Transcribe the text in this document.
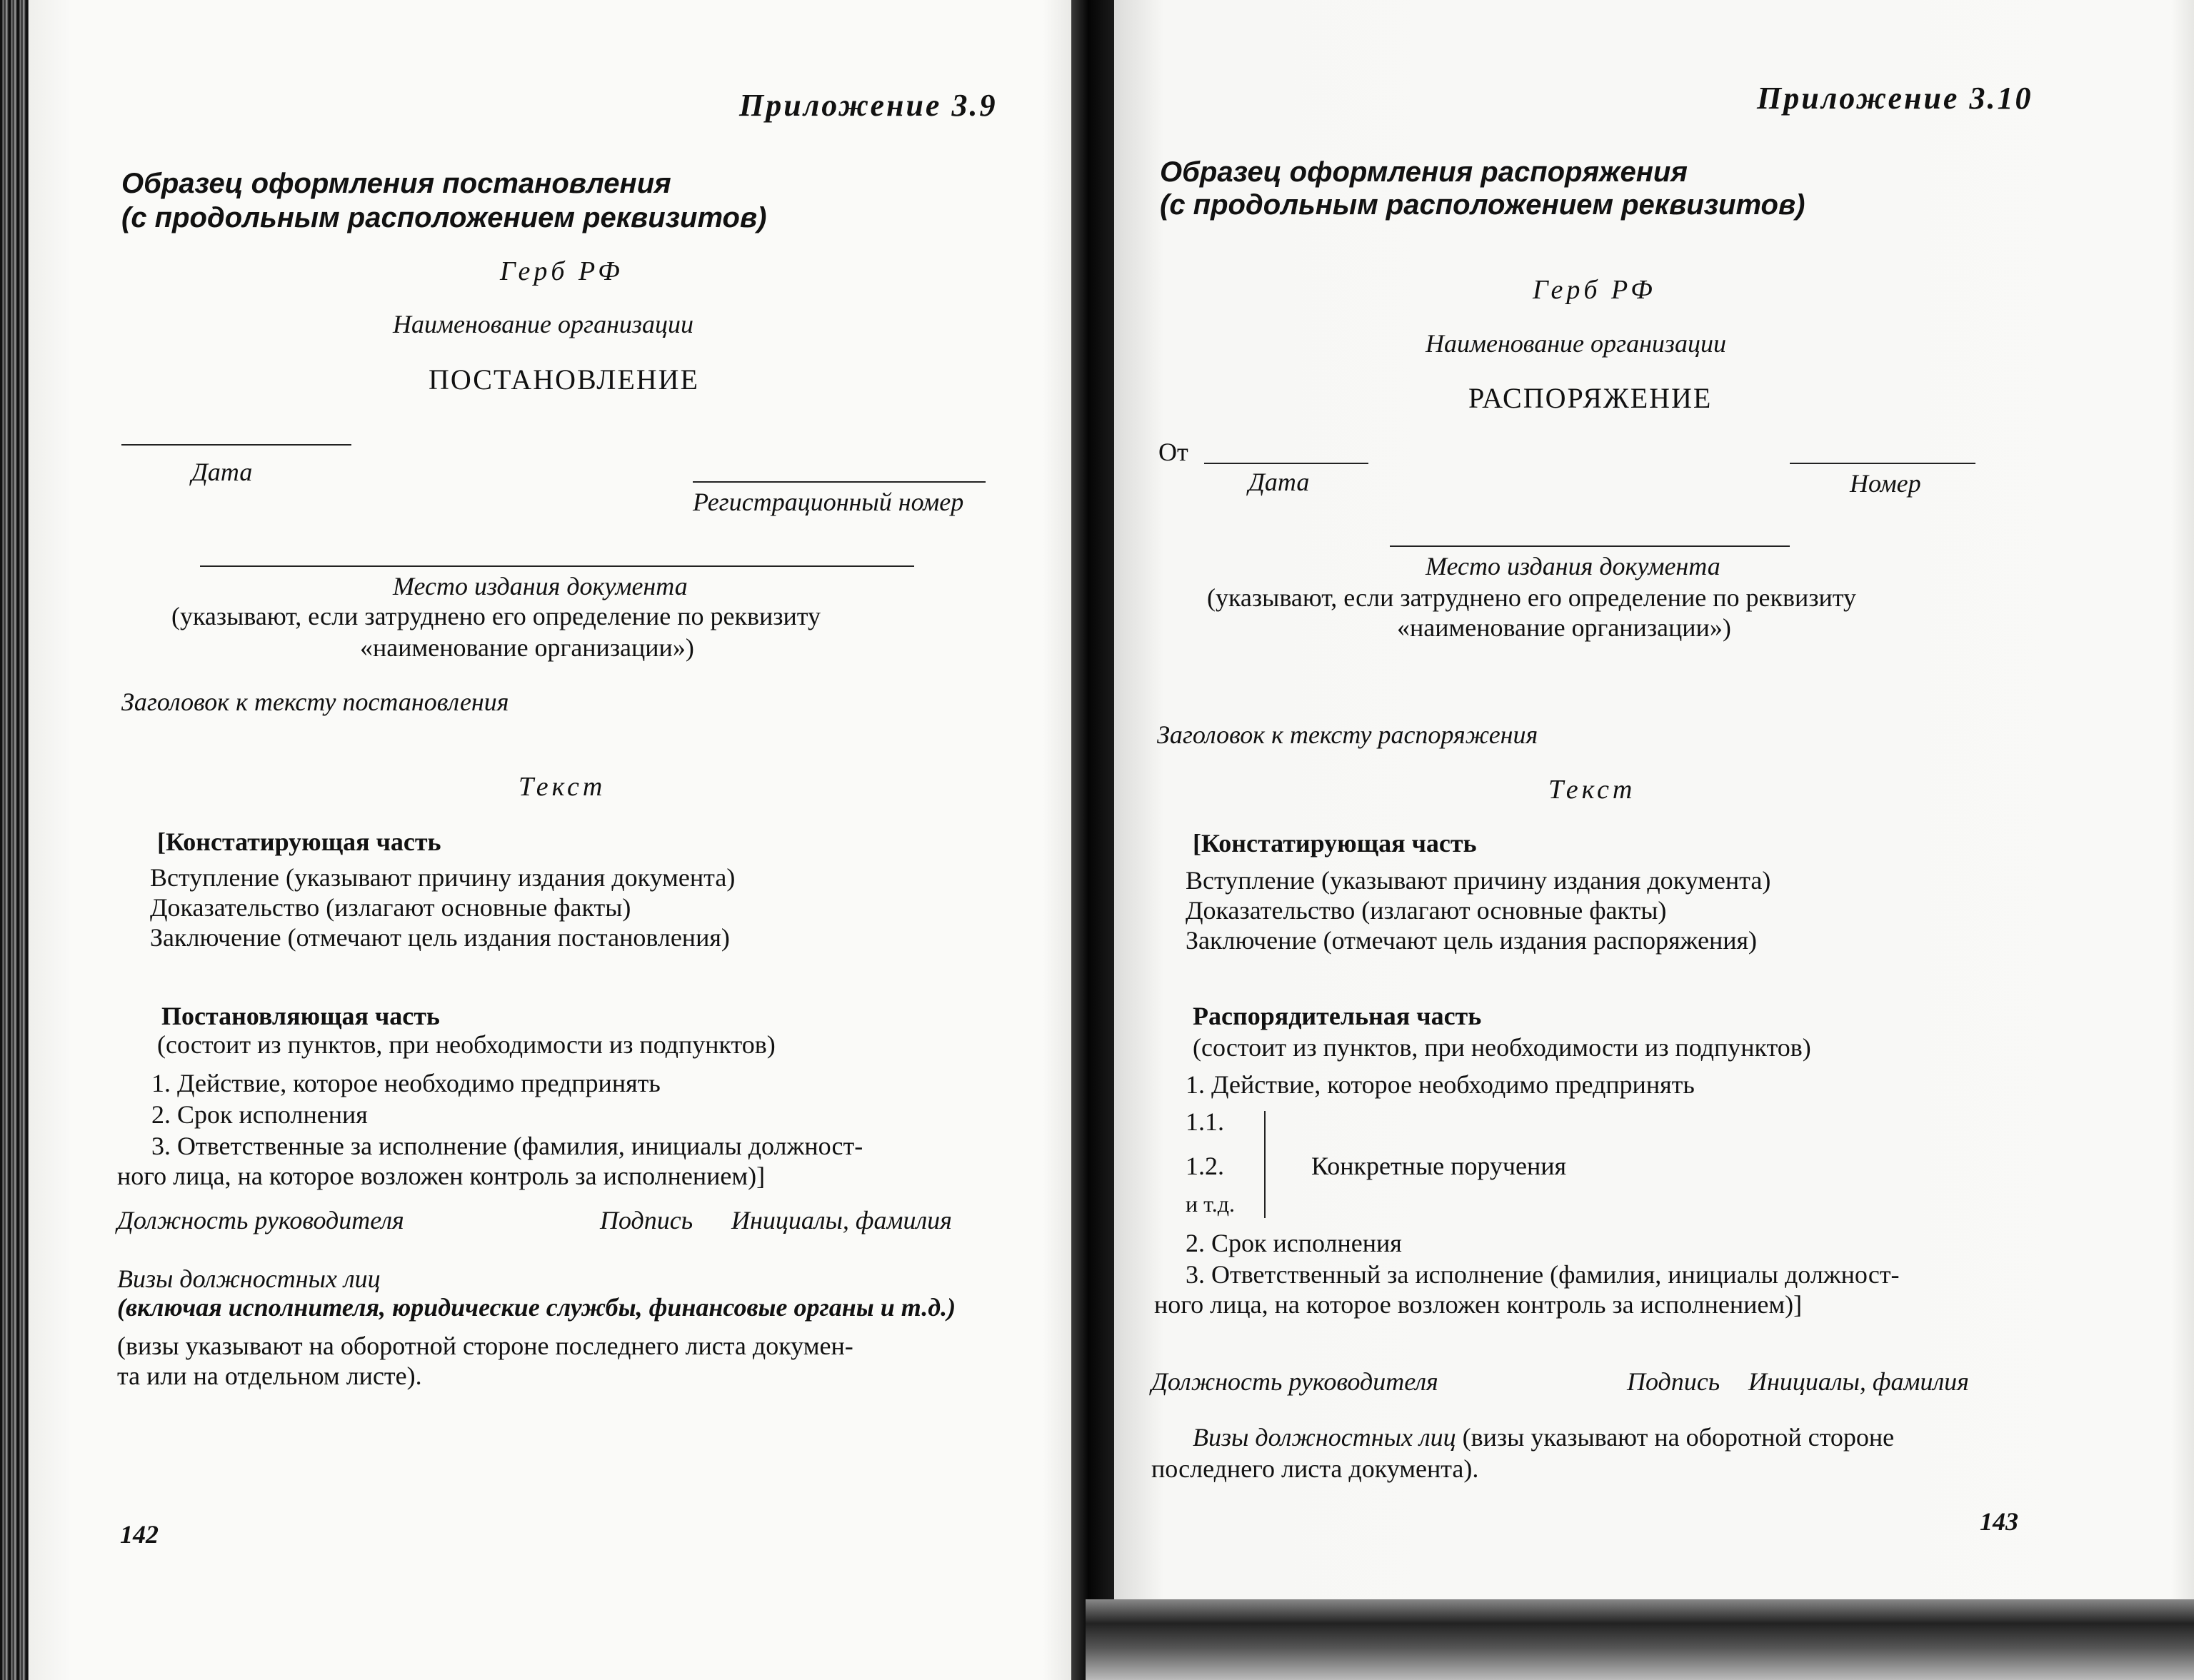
Приложение 3.9
Образец оформления постановления
(с продольным расположением реквизитов)
Герб РФ
Наименование организации
ПОСТАНОВЛЕНИЕ
Дата
Регистрационный номер
Место издания документа
(указывают, если затруднено его определение по реквизиту
«наименование организации»)
Заголовок к тексту постановления
Текст
[Констатирующая часть
Вступление (указывают причину издания документа)
Доказательство (излагают основные факты)
Заключение (отмечают цель издания постановления)
Постановляющая часть
(состоит из пунктов, при необходимости из подпунктов)
1. Действие, которое необходимо предпринять
2. Срок исполнения
3. Ответственные за исполнение (фамилия, инициалы должност-
ного лица, на которое возложен контроль за исполнением)]
Должность руководителя	Подпись Инициалы, фамилия
Визы должностных лиц
(включая исполнителя, юридические службы, финансовые органы и т.д.)
(визы указывают на оборотной стороне последнего листа докумен-
та или на отдельном листе).
142
Приложение 3.10
Образец оформления распоряжения
(с продольным расположением реквизитов)
Герб РФ
Наименование организации
РАСПОРЯЖЕНИЕ
От
Дата	Номер
Место издания документа
(указывают, если затруднено его определение по реквизиту
«наименование организации»)
Заголовок к тексту распоряжения
Текст
[Констатирующая часть
Вступление (указывают причину издания документа)
Доказательство (излагают основные факты)
Заключение (отмечают цель издания распоряжения)
Распорядительная часть
(состоит из пунктов, при необходимости из подпунктов)
1. Действие, которое необходимо предпринять
1.1.
1.2.
и т.д.
Конкретные поручения
2. Срок исполнения
3. Ответственный за исполнение (фамилия, инициалы должност-
ного лица, на которое возложен контроль за исполнением)]
Должность руководителя	Подпись Инициалы, фамилия
Визы должностных лиц (визы указывают на оборотной стороне
последнего листа документа).
143
